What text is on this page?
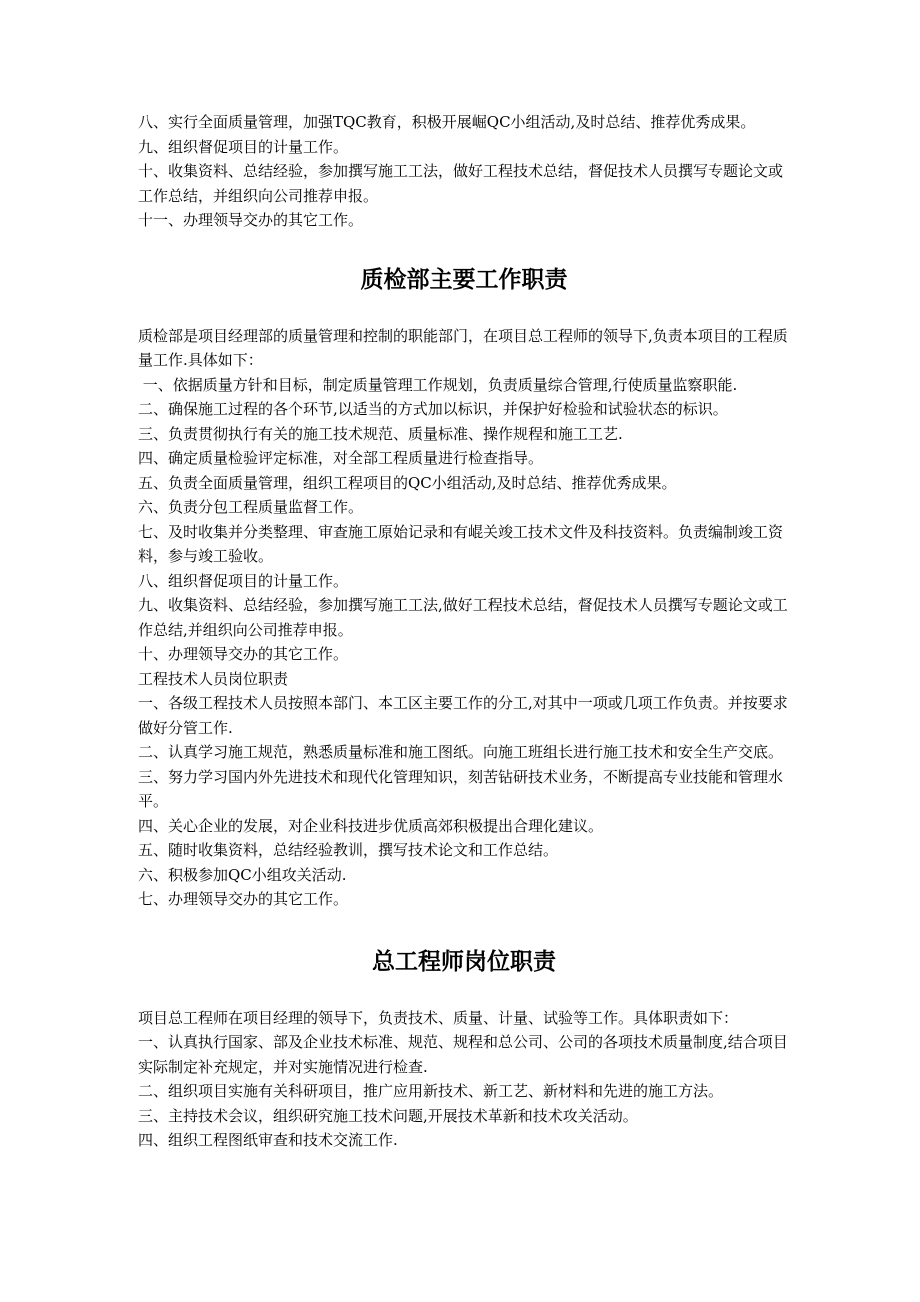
八、实行全面质量管理，加强TQC教育，积极开展崛QC小组活动,及时总结、推荐优秀成果。

九、组织督促项目的计量工作。

十、收集资料、总结经验，参加撰写施工工法，做好工程技术总结，督促技术人员撰写专题论文或工作总结，并组织向公司推荐申报。

十一、办理领导交办的其它工作。

质检部主要工作职责

质检部是项目经理部的质量管理和控制的职能部门，在项目总工程师的领导下,负责本项目的工程质量工作.具体如下：

一、依据质量方针和目标，制定质量管理工作规划，负责质量综合管理,行使质量监察职能.

二、确保施工过程的各个环节,以适当的方式加以标识，并保护好检验和试验状态的标识。

三、负责贯彻执行有关的施工技术规范、质量标准、操作规程和施工工艺.

四、确定质量检验评定标准，对全部工程质量进行检查指导。

五、负责全面质量管理，组织工程项目的QC小组活动,及时总结、推荐优秀成果。

六、负责分包工程质量监督工作。

七、及时收集并分类整理、审查施工原始记录和有崐关竣工技术文件及科技资料。负责编制竣工资料，参与竣工验收。

八、组织督促项目的计量工作。

九、收集资料、总结经验，参加撰写施工工法,做好工程技术总结，督促技术人员撰写专题论文或工作总结,并组织向公司推荐申报。

十、办理领导交办的其它工作。

工程技术人员岗位职责

一、各级工程技术人员按照本部门、本工区主要工作的分工,对其中一项或几项工作负责。并按要求做好分管工作.

二、认真学习施工规范，熟悉质量标准和施工图纸。向施工班组长进行施工技术和安全生产交底。

三、努力学习国内外先进技术和现代化管理知识，刻苦钻研技术业务，不断提高专业技能和管理水平。

四、关心企业的发展，对企业科技进步优质高郊积极提出合理化建议。

五、随时收集资料，总结经验教训，撰写技术论文和工作总结。

六、积极参加QC小组攻关活动.

七、办理领导交办的其它工作。

总工程师岗位职责

项目总工程师在项目经理的领导下，负责技术、质量、计量、试验等工作。具体职责如下：

一、认真执行国家、部及企业技术标准、规范、规程和总公司、公司的各项技术质量制度,结合项目实际制定补充规定，并对实施情况进行检查.

二、组织项目实施有关科研项目，推广应用新技术、新工艺、新材料和先进的施工方法。

三、主持技术会议，组织研究施工技术问题,开展技术革新和技术攻关活动。

四、组织工程图纸审查和技术交流工作.
